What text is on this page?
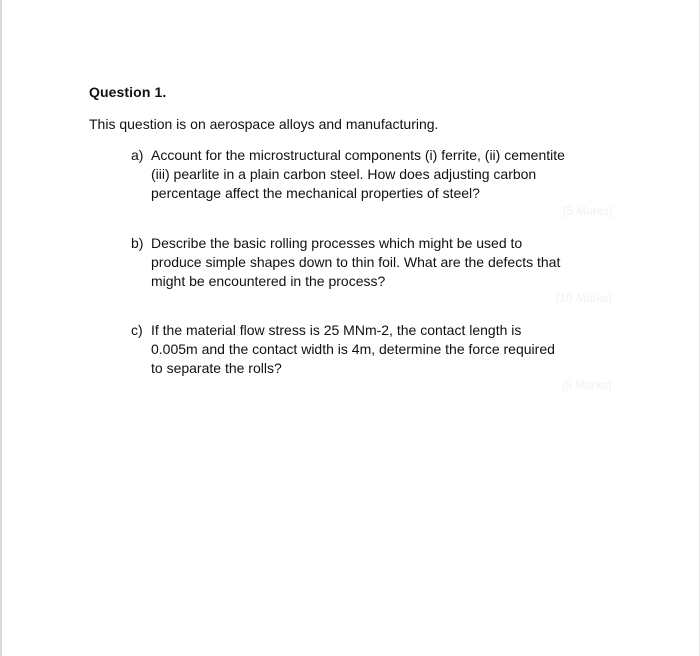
Question 1.
This question is on aerospace alloys and manufacturing.
a) Account for the microstructural components (i) ferrite, (ii) cementite
(iii) pearlite in a plain carbon steel. How does adjusting carbon
percentage affect the mechanical properties of steel?
[5 Marks]
b) Describe the basic rolling processes which might be used to
produce simple shapes down to thin foil. What are the defects that
might be encountered in the process?
[10 Marks]
c) If the material flow stress is 25 MNm-2, the contact length is
0.005m and the contact width is 4m, determine the force required
to separate the rolls?
[5 Marks]
